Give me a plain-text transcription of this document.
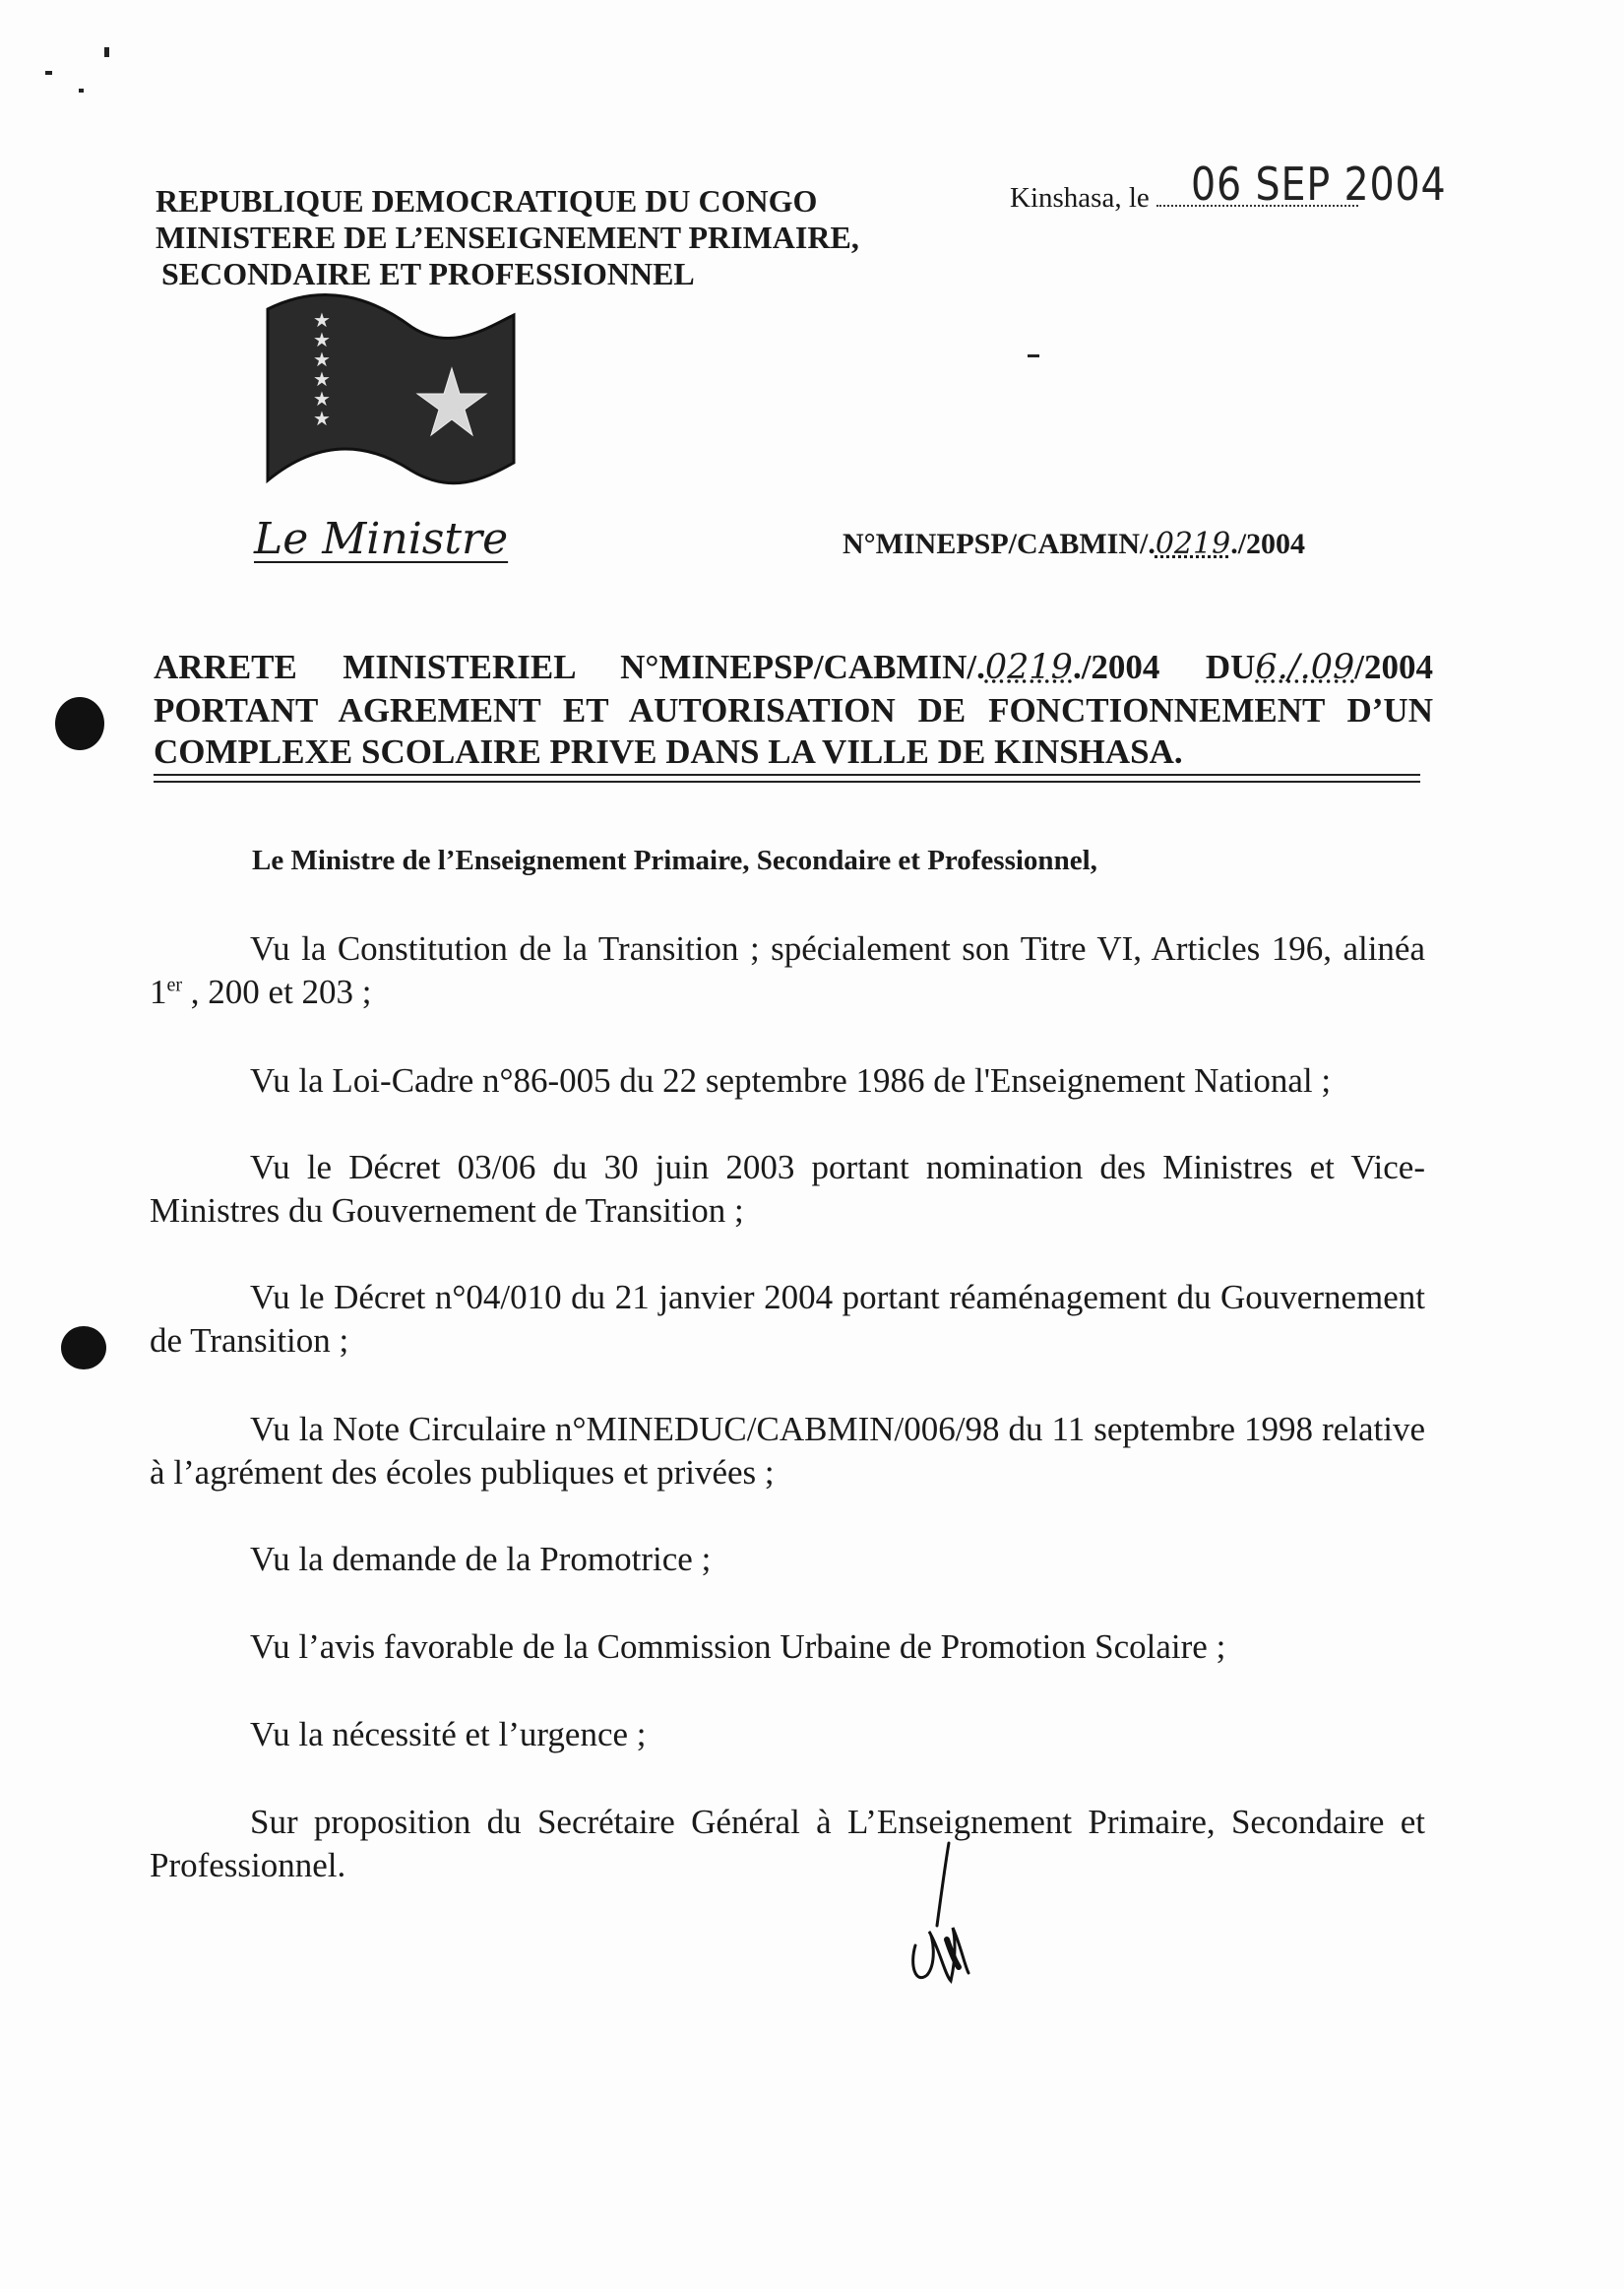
REPUBLIQUE DEMOCRATIQUE DU CONGO
MINISTERE DE L’ENSEIGNEMENT PRIMAIRE,
SECONDAIRE ET PROFESSIONNEL
Kinshasa, le 06 SEP 2004
★
★
★
★
★
★
Le Ministre	N°MINEPSP/CABMIN/.0219./2004
ARRETE MINISTERIEL N°MINEPSP/CABMIN/.0219./2004 DU6./.09/2004
PORTANT AGREMENT ET AUTORISATION DE FONCTIONNEMENT D’UN
COMPLEXE SCOLAIRE PRIVE DANS LA VILLE DE KINSHASA.
Le Ministre de l’Enseignement Primaire, Secondaire et Professionnel,
Vu la Constitution de la Transition ; spécialement son Titre VI, Articles 196, alinéa 1er , 200 et 203 ;
Vu la Loi-Cadre n°86-005 du 22 septembre 1986 de l'Enseignement National ;
Vu le Décret 03/06 du 30 juin 2003 portant nomination des Ministres et Vice-Ministres du Gouvernement de Transition ;
Vu le Décret n°04/010 du 21 janvier 2004 portant réaménagement du Gouvernement de Transition ;
Vu la Note Circulaire n°MINEDUC/CABMIN/006/98 du 11 septembre 1998 relative à l’agrément des écoles publiques et privées ;
Vu la demande de la Promotrice ;
Vu l’avis favorable de la Commission Urbaine de Promotion Scolaire ;
Vu la nécessité et l’urgence ;
Sur proposition du Secrétaire Général à L’Enseignement Primaire, Secondaire et Professionnel.
